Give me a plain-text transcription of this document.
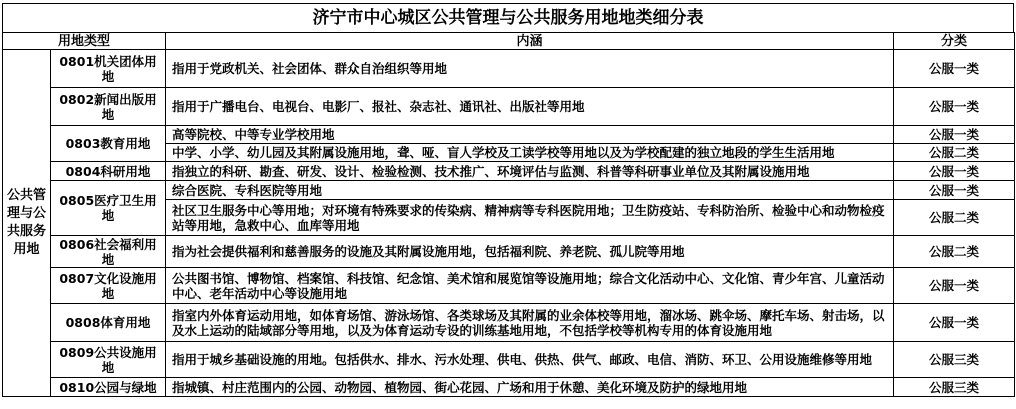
济宁市中心城区公共管理与公共服务用地地类细分表
用地类型		内涵	分类
公共管理与公共服务用地	0801机关团体用地	指用于党政机关、社会团体、群众自治组织等用地	公服一类
	0802新闻出版用地	指用于广播电台、电视台、电影厂、报社、杂志社、通讯社、出版社等用地	公服一类
	0803教育用地	高等院校、中等专业学校用地	公服一类
		中学、小学、幼儿园及其附属设施用地，聋、哑、盲人学校及工读学校等用地以及为学校配建的独立地段的学生生活用地	公服二类
	0804科研用地	指独立的科研、勘查、研发、设计、检验检测、技术推广、环境评估与监测、科普等科研事业单位及其附属设施用地	公服一类
	0805医疗卫生用地	综合医院、专科医院等用地	公服一类
		社区卫生服务中心等用地；对环境有特殊要求的传染病、精神病等专科医院用地；卫生防疫站、专科防治所、检验中心和动物检疫站等用地，急救中心、血库等用地	公服二类
	0806社会福利用地	指为社会提供福利和慈善服务的设施及其附属设施用地，包括福利院、养老院、孤儿院等用地	公服二类
	0807文化设施用地	公共图书馆、博物馆、档案馆、科技馆、纪念馆、美术馆和展览馆等设施用地；综合文化活动中心、文化馆、青少年宫、儿童活动中心、老年活动中心等设施用地	公服一类
	0808体育用地	指室内外体育运动用地，如体育场馆、游泳场馆、各类球场及其附属的业余体校等用地，溜冰场、跳伞场、摩托车场、射击场，以及水上运动的陆域部分等用地，以及为体育运动专设的训练基地用地，不包括学校等机构专用的体育设施用地	公服一类
	0809公共设施用地	指用于城乡基础设施的用地。包括供水、排水、污水处理、供电、供热、供气、邮政、电信、消防、环卫、公用设施维修等用地	公服三类
	0810公园与绿地	指城镇、村庄范围内的公园、动物园、植物园、街心花园、广场和用于休憩、美化环境及防护的绿地用地	公服三类
